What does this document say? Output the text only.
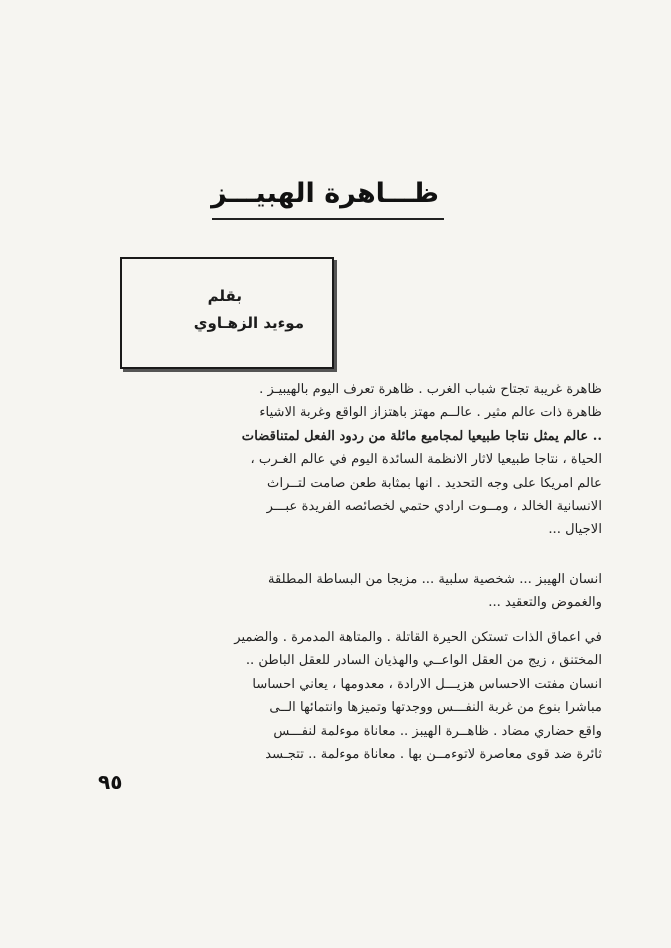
ظـــاهرة الهبيـــز
بقلم
موءيد الزهـاوي
ظاهرة غريبة تجتاح شباب الغرب . ظاهرة تعرف اليوم بالهيبيـز .
ظاهرة ذات عالم مثير . عالــم مهتز باهتزاز الواقع وغربة الاشياء
.. عالم يمثل نتاجا طبيعيا لمجاميع مائلة من ردود الفعل لمتناقضات
الحياة ، نتاجا طبيعيا لاثار الانظمة السائدة اليوم في عالم الغـرب ،
عالم امريكا على وجه التحديد . انها بمثابة طعن صامت لتــراث
الانسانية الخالد ، ومــوت ارادي حتمي لخصائصه الفريدة عبـــر
الاجيال ...
انسان الهيبز ... شخصية سلبية ... مزيجا من البساطة المطلقة
والغموض والتعقيد ...
في اعماق الذات تستكن الحيرة القاتلة . والمتاهة المدمرة . والضمير
المختنق ، زيج من العقل الواعــي والهذيان السادر للعقل الباطن ..
انسان مفتت الاحساس هزيـــل الارادة ، معدومها ، يعاني احساسا
مباشرا بنوع من غربة النفـــس ووجدتها وتميزها وانتمائها الــى
واقع حضاري مضاد . ظاهــرة الهيبز .. معاناة موءلمة لنفـــس
ثائرة ضد قوى معاصرة لاتوءمــن بها . معاناة موءلمة .. تتجـسد
٩٥
